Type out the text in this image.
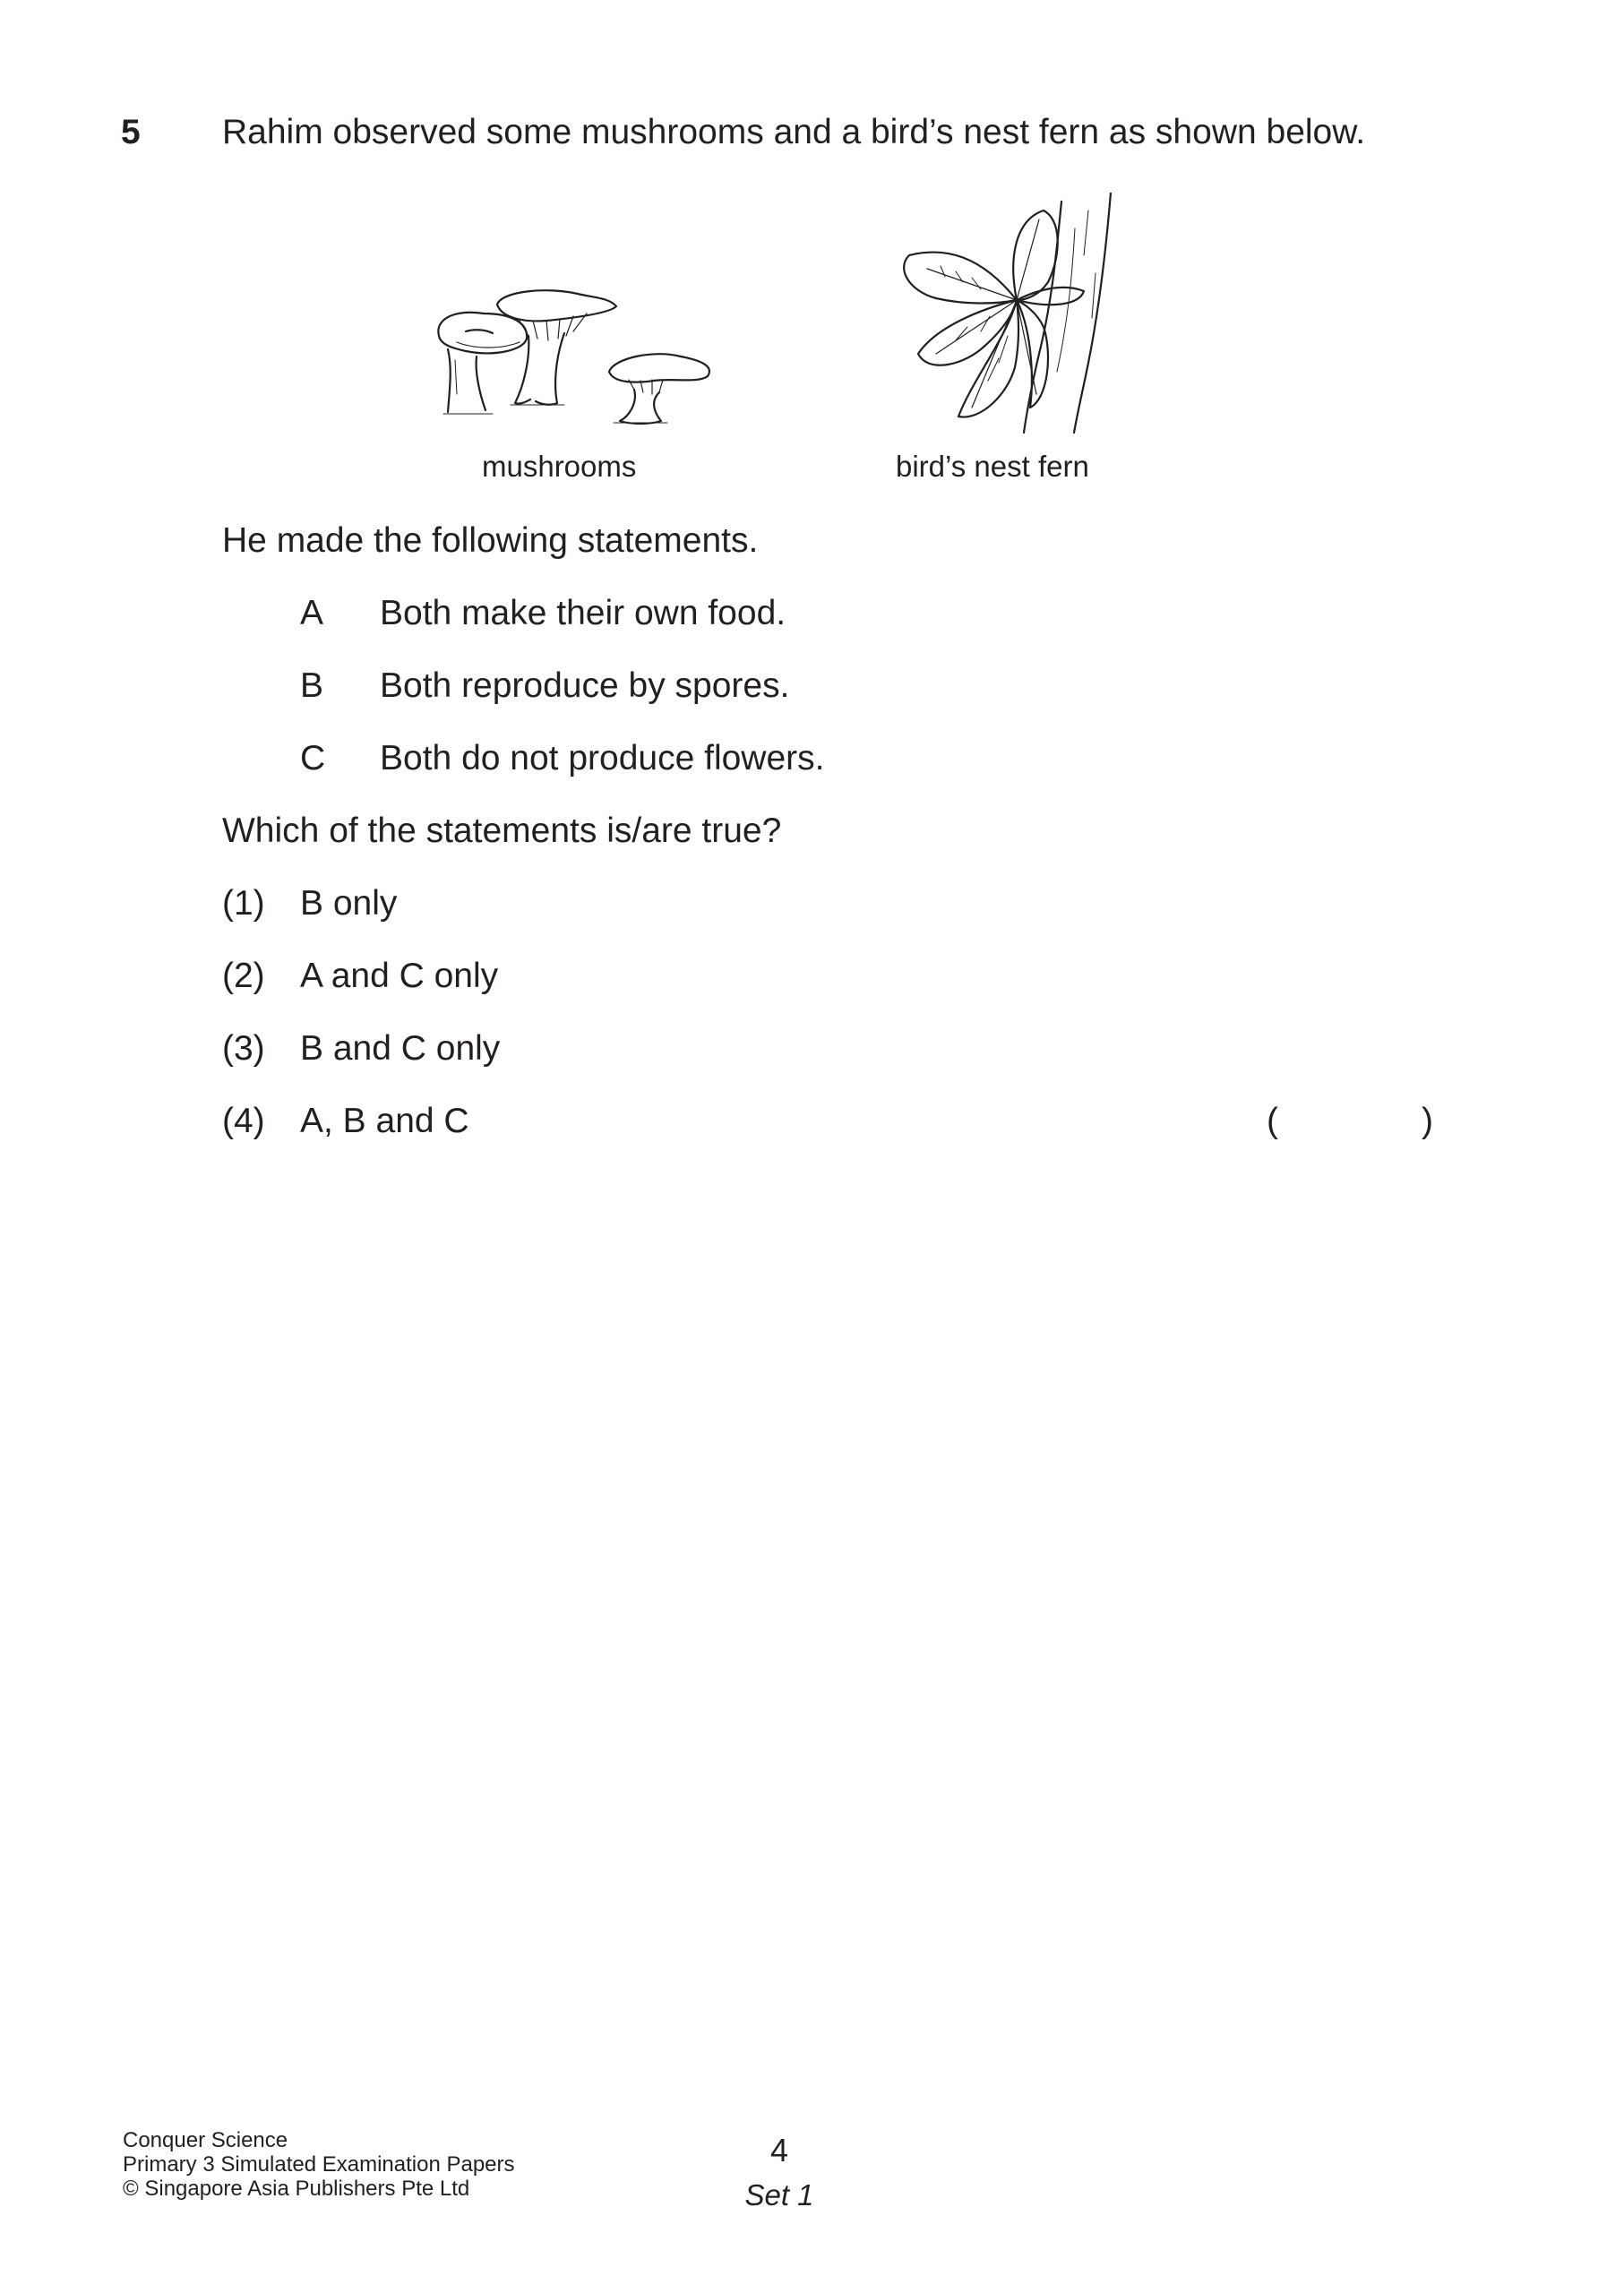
5 Rahim observed some mushrooms and a bird’s nest fern as shown below.
mushrooms	bird’s nest fern
He made the following statements.
A Both make their own food.
B Both reproduce by spores.
C Both do not produce flowers.
Which of the statements is/are true?
(1) B only
(2) A and C only
(3) B and C only
(4) A, B and C	(	)
Conquer Science
Primary 3 Simulated Examination Papers
© Singapore Asia Publishers Pte Ltd
4
Set 1
